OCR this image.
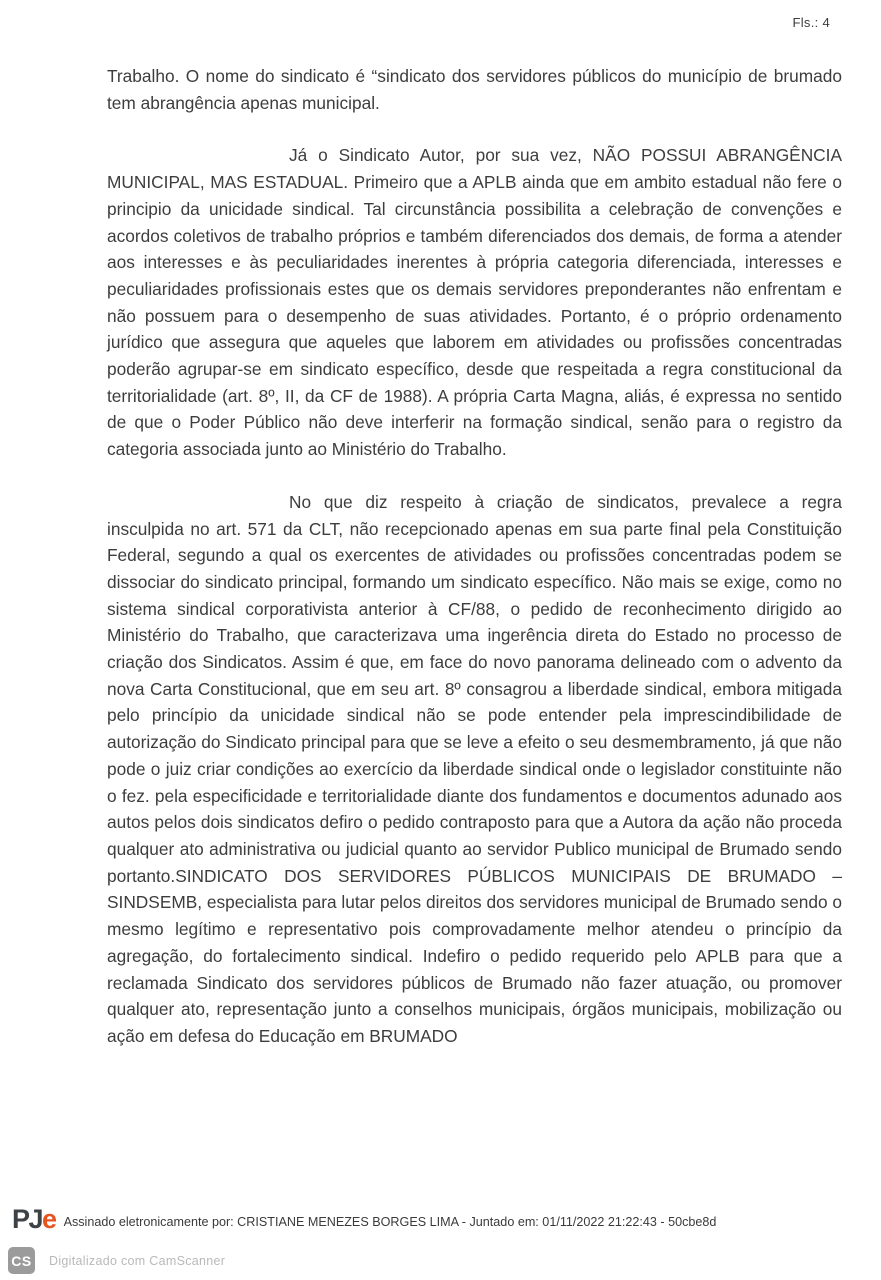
Fls.: 4

Trabalho. O nome do sindicato é “sindicato dos servidores públicos do município de brumado tem abrangência apenas municipal.

Já o Sindicato Autor, por sua vez, NÃO POSSUI ABRANGÊNCIA MUNICIPAL, MAS ESTADUAL. Primeiro que a APLB ainda que em ambito estadual não fere o principio da unicidade sindical. Tal circunstância possibilita a celebração de convenções e acordos coletivos de trabalho próprios e também diferenciados dos demais, de forma a atender aos interesses e às peculiaridades inerentes à própria categoria diferenciada, interesses e peculiaridades profissionais estes que os demais servidores preponderantes não enfrentam e não possuem para o desempenho de suas atividades. Portanto, é o próprio ordenamento jurídico que assegura que aqueles que laborem em atividades ou profissões concentradas poderão agrupar-se em sindicato específico, desde que respeitada a regra constitucional da territorialidade (art. 8º, II, da CF de 1988). A própria Carta Magna, aliás, é expressa no sentido de que o Poder Público não deve interferir na formação sindical, senão para o registro da categoria associada junto ao Ministério do Trabalho.

No que diz respeito à criação de sindicatos, prevalece a regra insculpida no art. 571 da CLT, não recepcionado apenas em sua parte final pela Constituição Federal, segundo a qual os exercentes de atividades ou profissões concentradas podem se dissociar do sindicato principal, formando um sindicato específico. Não mais se exige, como no sistema sindical corporativista anterior à CF/88, o pedido de reconhecimento dirigido ao Ministério do Trabalho, que caracterizava uma ingerência direta do Estado no processo de criação dos Sindicatos. Assim é que, em face do novo panorama delineado com o advento da nova Carta Constitucional, que em seu art. 8º consagrou a liberdade sindical, embora mitigada pelo princípio da unicidade sindical não se pode entender pela imprescindibilidade de autorização do Sindicato principal para que se leve a efeito o seu desmembramento, já que não pode o juiz criar condições ao exercício da liberdade sindical onde o legislador constituinte não o fez. pela especificidade e territorialidade diante dos fundamentos e documentos adunado aos autos pelos dois sindicatos defiro o pedido contraposto para que a Autora da ação não proceda qualquer ato administrativa ou judicial quanto ao servidor Publico municipal de Brumado sendo portanto.SINDICATO DOS SERVIDORES PÚBLICOS MUNICIPAIS DE BRUMADO –SINDSEMB, especialista para lutar pelos direitos dos servidores municipal de Brumado sendo o mesmo legítimo e representativo pois comprovadamente melhor atendeu o princípio da agregação, do fortalecimento sindical. Indefiro o pedido requerido pelo APLB para que a reclamada Sindicato dos servidores públicos de Brumado não fazer atuação, ou promover qualquer ato, representação junto a conselhos municipais, órgãos municipais, mobilização ou ação em defesa do Educação em BRUMADO

PJe Assinado eletronicamente por: CRISTIANE MENEZES BORGES LIMA - Juntado em: 01/11/2022 21:22:43 - 50cbe8d
CS Digitalizado com CamScanner
